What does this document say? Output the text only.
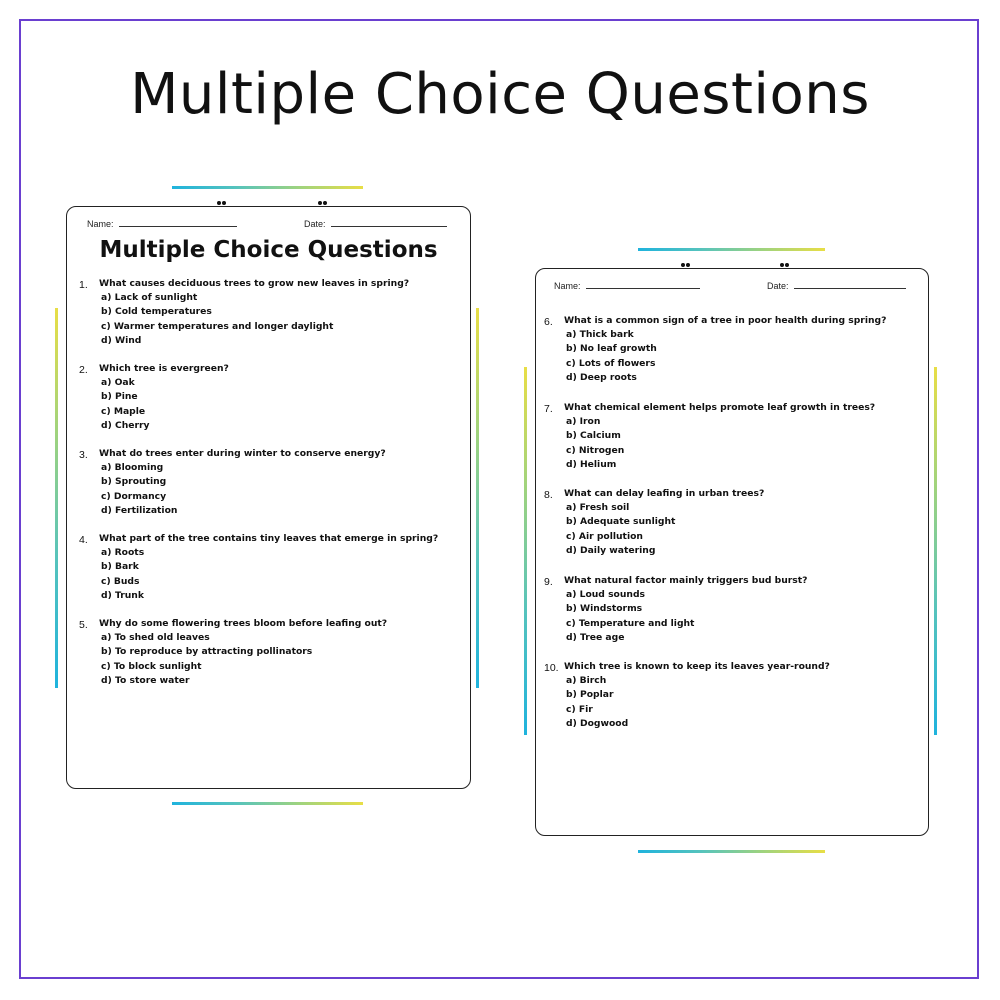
Multiple Choice Questions
Name:	Date:
Multiple Choice Questions
1. What causes deciduous trees to grow new leaves in spring?
a) Lack of sunlight
b) Cold temperatures
c) Warmer temperatures and longer daylight
d) Wind
2. Which tree is evergreen?
a) Oak
b) Pine
c) Maple
d) Cherry
3. What do trees enter during winter to conserve energy?
a) Blooming
b) Sprouting
c) Dormancy
d) Fertilization
4. What part of the tree contains tiny leaves that emerge in spring?
a) Roots
b) Bark
c) Buds
d) Trunk
5. Why do some flowering trees bloom before leafing out?
a) To shed old leaves
b) To reproduce by attracting pollinators
c) To block sunlight
d) To store water
Name:	Date:
6. What is a common sign of a tree in poor health during spring?
a) Thick bark
b) No leaf growth
c) Lots of flowers
d) Deep roots
7. What chemical element helps promote leaf growth in trees?
a) Iron
b) Calcium
c) Nitrogen
d) Helium
8. What can delay leafing in urban trees?
a) Fresh soil
b) Adequate sunlight
c) Air pollution
d) Daily watering
9. What natural factor mainly triggers bud burst?
a) Loud sounds
b) Windstorms
c) Temperature and light
d) Tree age
10. Which tree is known to keep its leaves year-round?
a) Birch
b) Poplar
c) Fir
d) Dogwood
